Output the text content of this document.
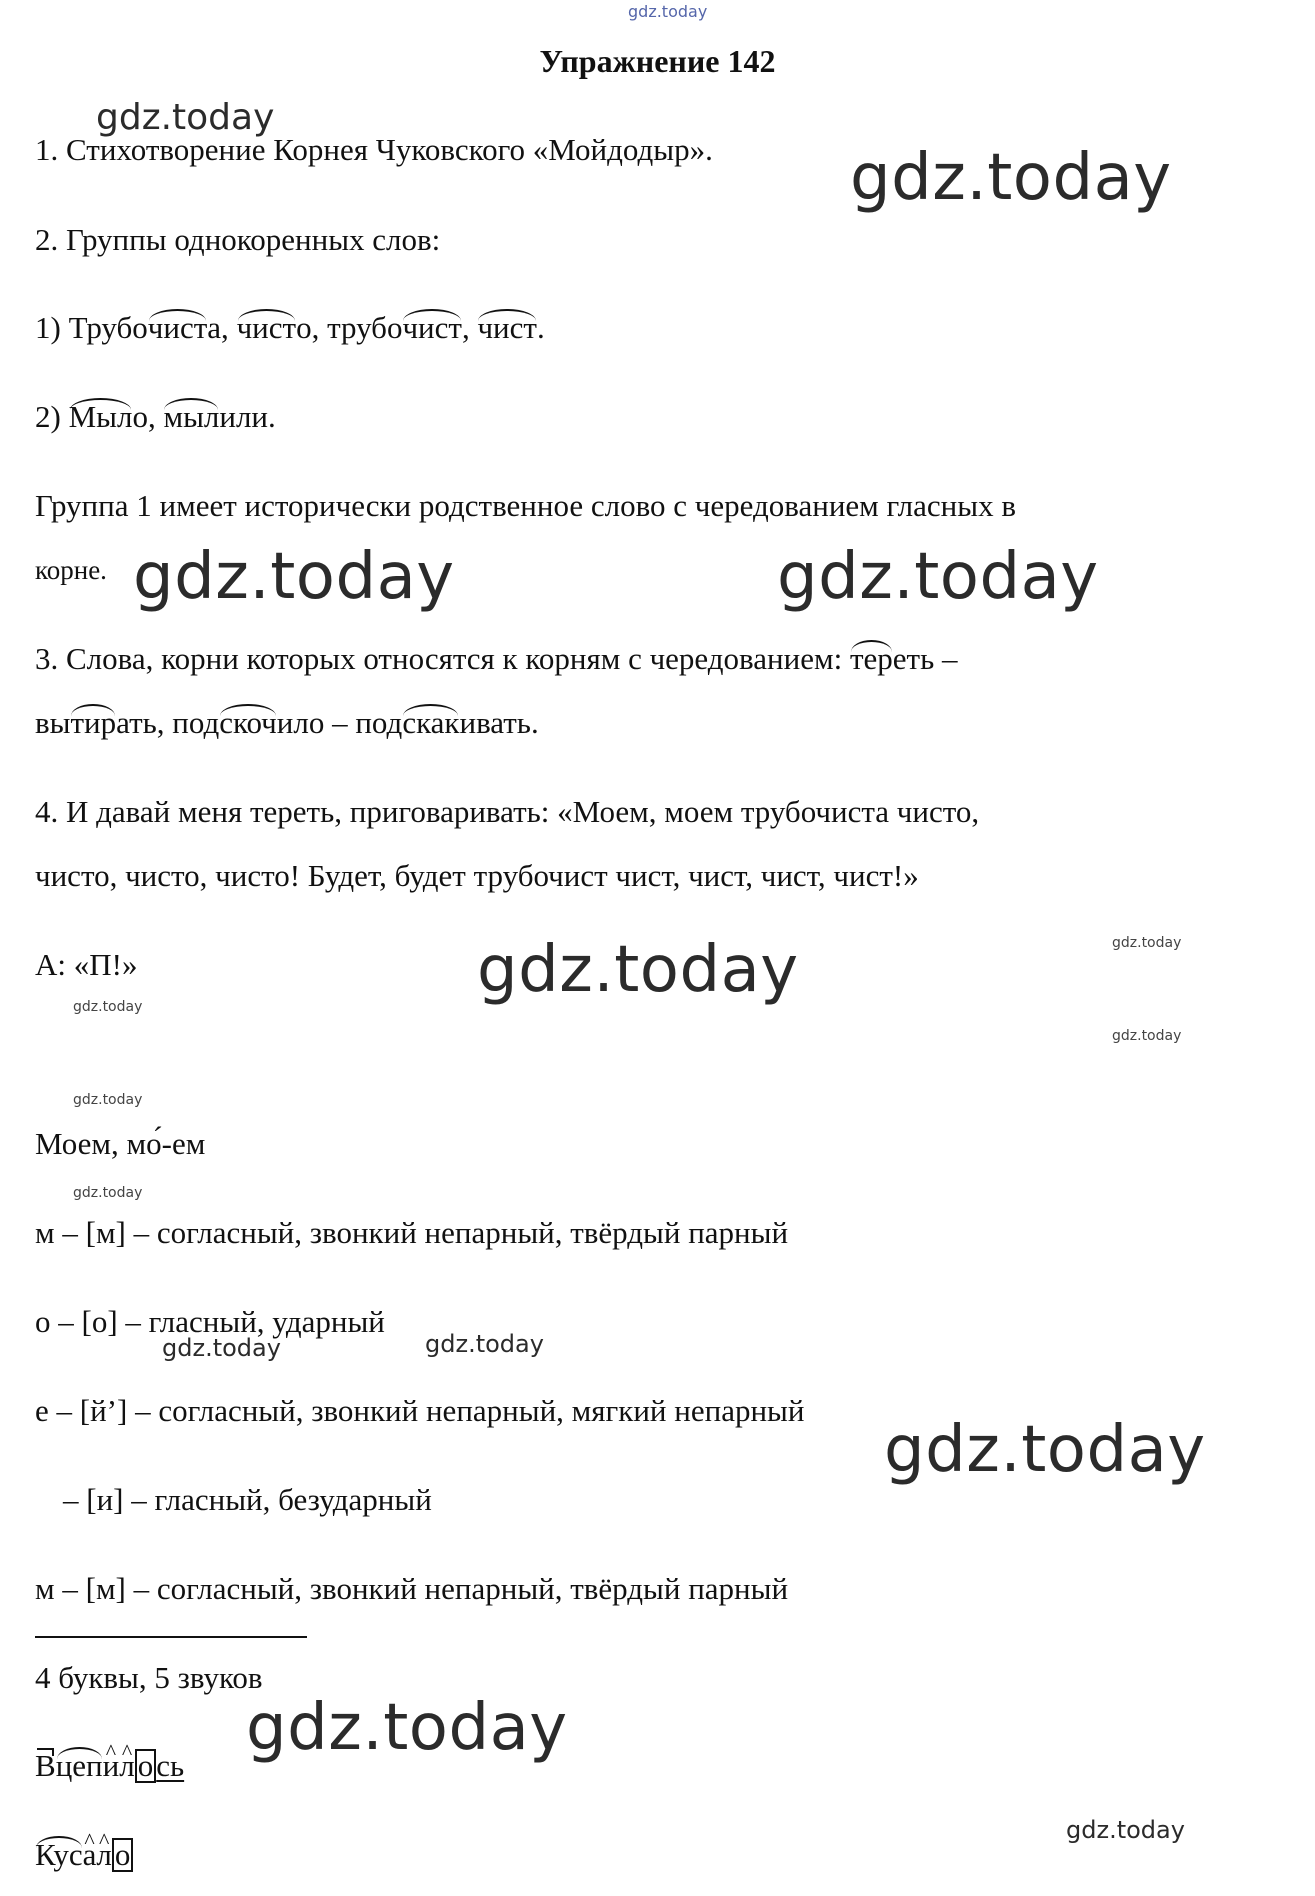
gdz.today
Упражнение 142

1. Стихотворение Корнея Чуковского «Мойдодыр».

2. Группы однокоренных слов:

1) Трубочиста, чисто, трубочист, чист.

2) Мыло, мылили.

Группа 1 имеет исторически родственное слово с чередованием гласных в

корне.

3. Слова, корни которых относятся к корням с чередованием: тереть –

вытирать, подскочило – подскакивать.

4. И давай меня тереть, приговаривать: «Моем, моем трубочиста чисто,

чисто, чисто, чисто! Будет, будет трубочист чист, чист, чист, чист!»

А: «П!»

Моем, мо́-ем

м – [м] – согласный, звонкий непарный, твёрдый парный

о – [о] – гласный, ударный

е – [й’] – согласный, звонкий непарный, мягкий непарный

– [и] – гласный, безударный

м – [м] – согласный, звонкий непарный, твёрдый парный

4 буквы, 5 звуков

Вцеп^ и^ лось

Кус^ а^ ло

gdz.today
gdz.today
gdz.today	gdz.today
gdz.today	gdz.today
gdz.today
gdz.today
gdz.today
gdz.today
gdz.today	gdz.today
gdz.today
gdz.today
gdz.today
